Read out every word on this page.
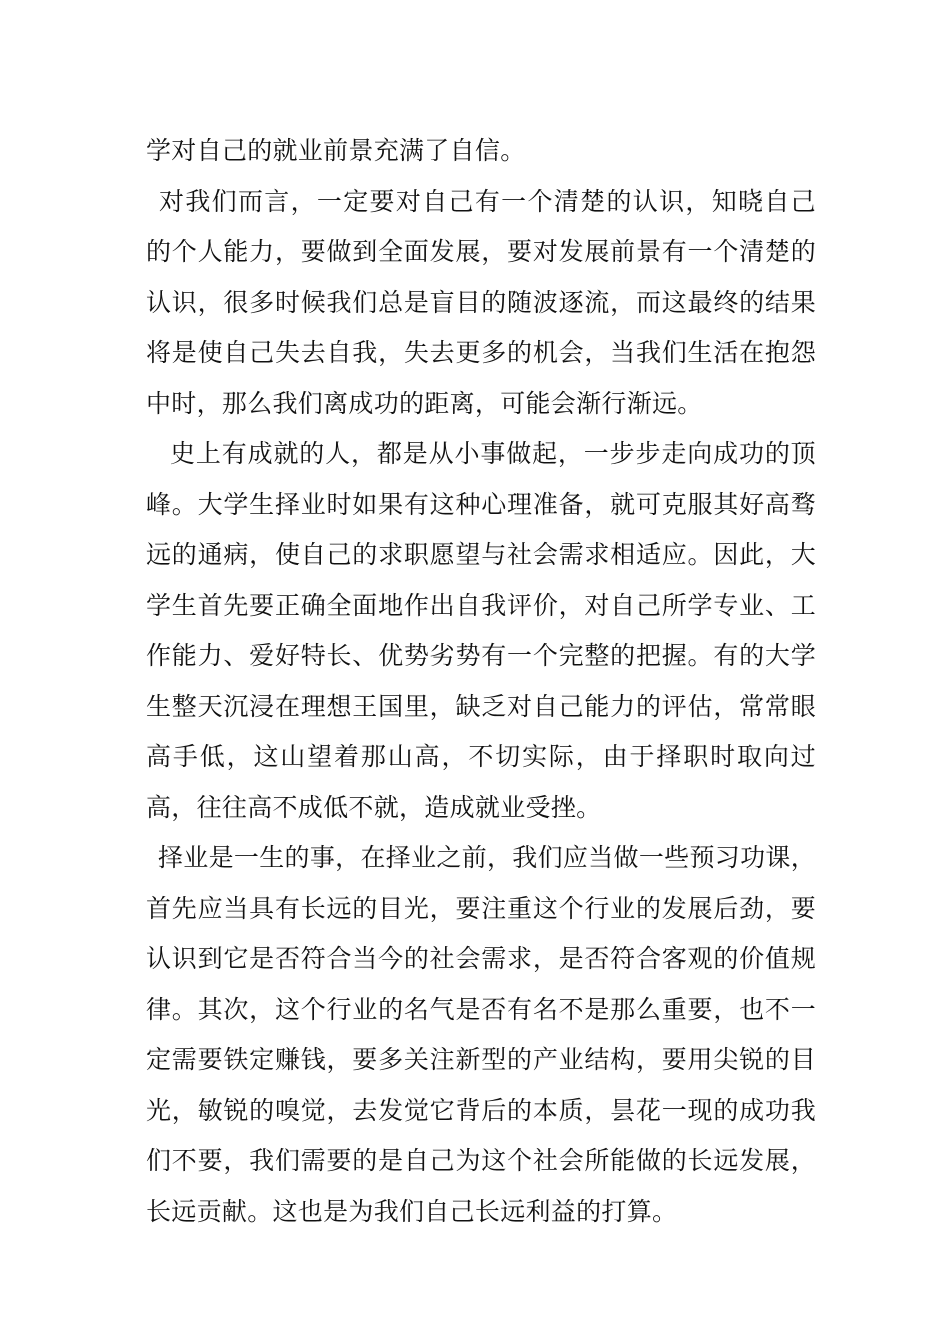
学对自己的就业前景充满了自信。

对我们而言，一定要对自己有一个清楚的认识，知晓自己的个人能力，要做到全面发展，要对发展前景有一个清楚的认识，很多时候我们总是盲目的随波逐流，而这最终的结果将是使自己失去自我，失去更多的机会，当我们生活在抱怨中时，那么我们离成功的距离，可能会渐行渐远。

史上有成就的人，都是从小事做起，一步步走向成功的顶峰。大学生择业时如果有这种心理准备，就可克服其好高骛远的通病，使自己的求职愿望与社会需求相适应。因此，大学生首先要正确全面地作出自我评价，对自己所学专业、工作能力、爱好特长、优势劣势有一个完整的把握。有的大学生整天沉浸在理想王国里，缺乏对自己能力的评估，常常眼高手低，这山望着那山高，不切实际，由于择职时取向过高，往往高不成低不就，造成就业受挫。

择业是一生的事，在择业之前，我们应当做一些预习功课，首先应当具有长远的目光，要注重这个行业的发展后劲，要认识到它是否符合当今的社会需求，是否符合客观的价值规律。其次，这个行业的名气是否有名不是那么重要，也不一定需要铁定赚钱，要多关注新型的产业结构，要用尖锐的目光，敏锐的嗅觉，去发觉它背后的本质，昙花一现的成功我们不要，我们需要的是自己为这个社会所能做的长远发展，长远贡献。这也是为我们自己长远利益的打算。
